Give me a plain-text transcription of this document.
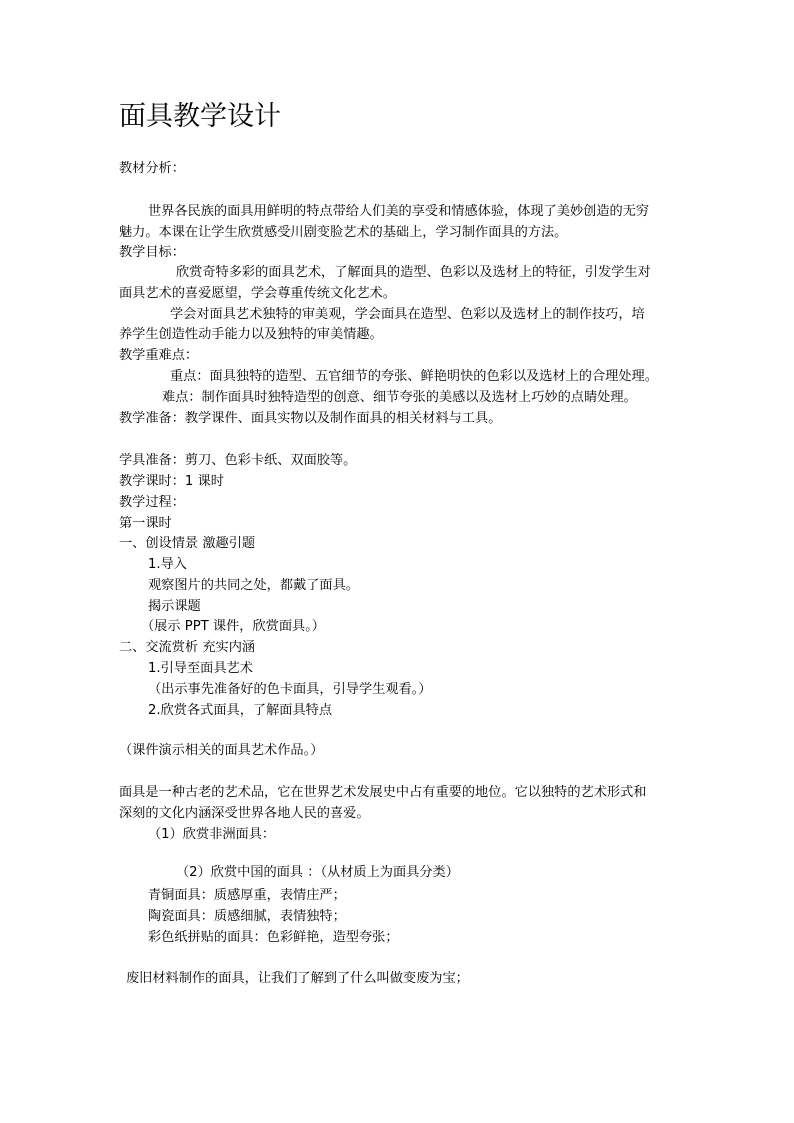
面具教学设计
教材分析：
世界各民族的面具用鲜明的特点带给人们美的享受和情感体验，体现了美妙创造的无穷
魅力。本课在让学生欣赏感受川剧变脸艺术的基础上，学习制作面具的方法。
教学目标：
欣赏奇特多彩的面具艺术，了解面具的造型、色彩以及选材上的特征，引发学生对
面具艺术的喜爱愿望，学会尊重传统文化艺术。
学会对面具艺术独特的审美观，学会面具在造型、色彩以及选材上的制作技巧，培
养学生创造性动手能力以及独特的审美情趣。
教学重难点：
重点：面具独特的造型、五官细节的夸张、鲜艳明快的色彩以及选材上的合理处理。
难点：制作面具时独特造型的创意、细节夸张的美感以及选材上巧妙的点睛处理。
教学准备：教学课件、面具实物以及制作面具的相关材料与工具。
学具准备：剪刀、色彩卡纸、双面胶等。
教学课时：1 课时
教学过程：
第一课时
一、创设情景 激趣引题
1.导入
观察图片的共同之处，都戴了面具。
揭示课题
（展示 PPT 课件，欣赏面具。）
二、交流赏析 充实内涵
1.引导至面具艺术
（出示事先准备好的色卡面具，引导学生观看。）
2.欣赏各式面具，了解面具特点
（课件演示相关的面具艺术作品。）
面具是一种古老的艺术品，它在世界艺术发展史中占有重要的地位。它以独特的艺术形式和
深刻的文化内涵深受世界各地人民的喜爱。
（1）欣赏非洲面具：
（2）欣赏中国的面具 ：（从材质上为面具分类）
青铜面具：质感厚重，表情庄严；
陶瓷面具：质感细腻，表情独特；
彩色纸拼贴的面具：色彩鲜艳，造型夸张；
废旧材料制作的面具，让我们了解到了什么叫做变废为宝；
